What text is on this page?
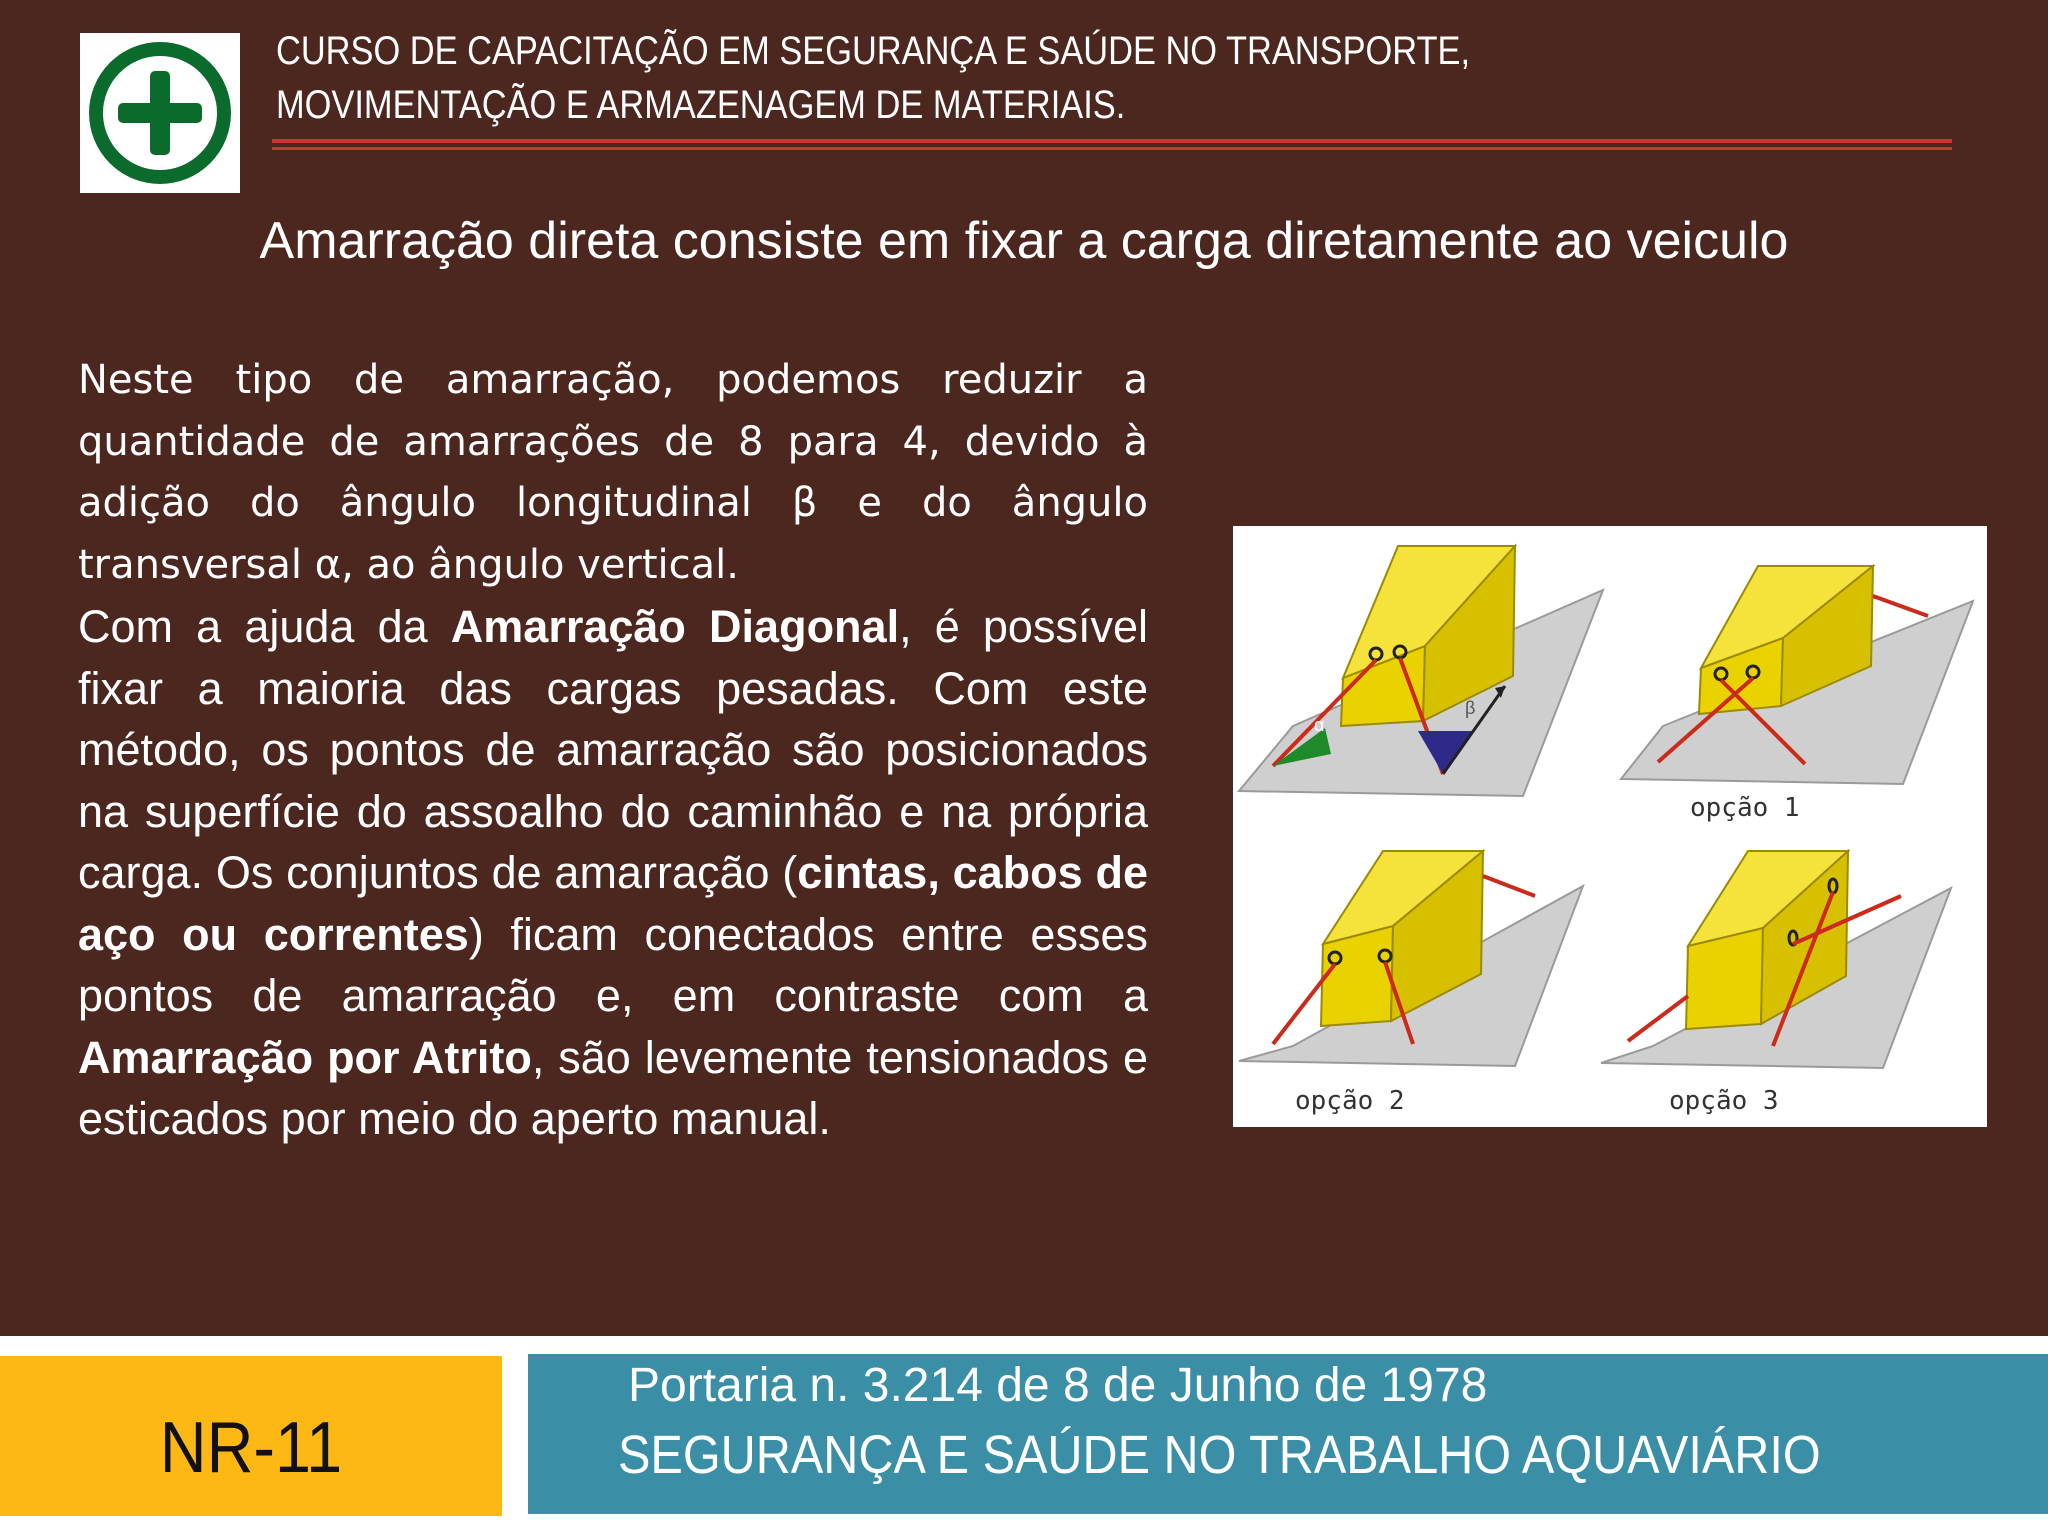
CURSO DE CAPACITAÇÃO EM SEGURANÇA E SAÚDE NO TRANSPORTE, MOVIMENTAÇÃO E ARMAZENAGEM DE MATERIAIS.
Amarração direta consiste em fixar a carga diretamente ao veiculo

Neste tipo de amarração, podemos reduzir a quantidade de amarrações de 8 para 4, devido à adição do ângulo longitudinal β e do ângulo transversal α, ao ângulo vertical.

Com a ajuda da Amarração Diagonal, é possível fixar a maioria das cargas pesadas. Com este método, os pontos de amarração são posicionados na superfície do assoalho do caminhão e na própria carga. Os conjuntos de amarração (cintas, cabos de aço ou correntes) ficam conectados entre esses pontos de amarração e, em contraste com a Amarração por Atrito, são levemente tensionados e esticados por meio do aperto manual.

α
β
opção 1
opção 2	opção 3
NR-11
Portaria n. 3.214 de 8 de Junho de 1978
SEGURANÇA E SAÚDE NO TRABALHO AQUAVIÁRIO
